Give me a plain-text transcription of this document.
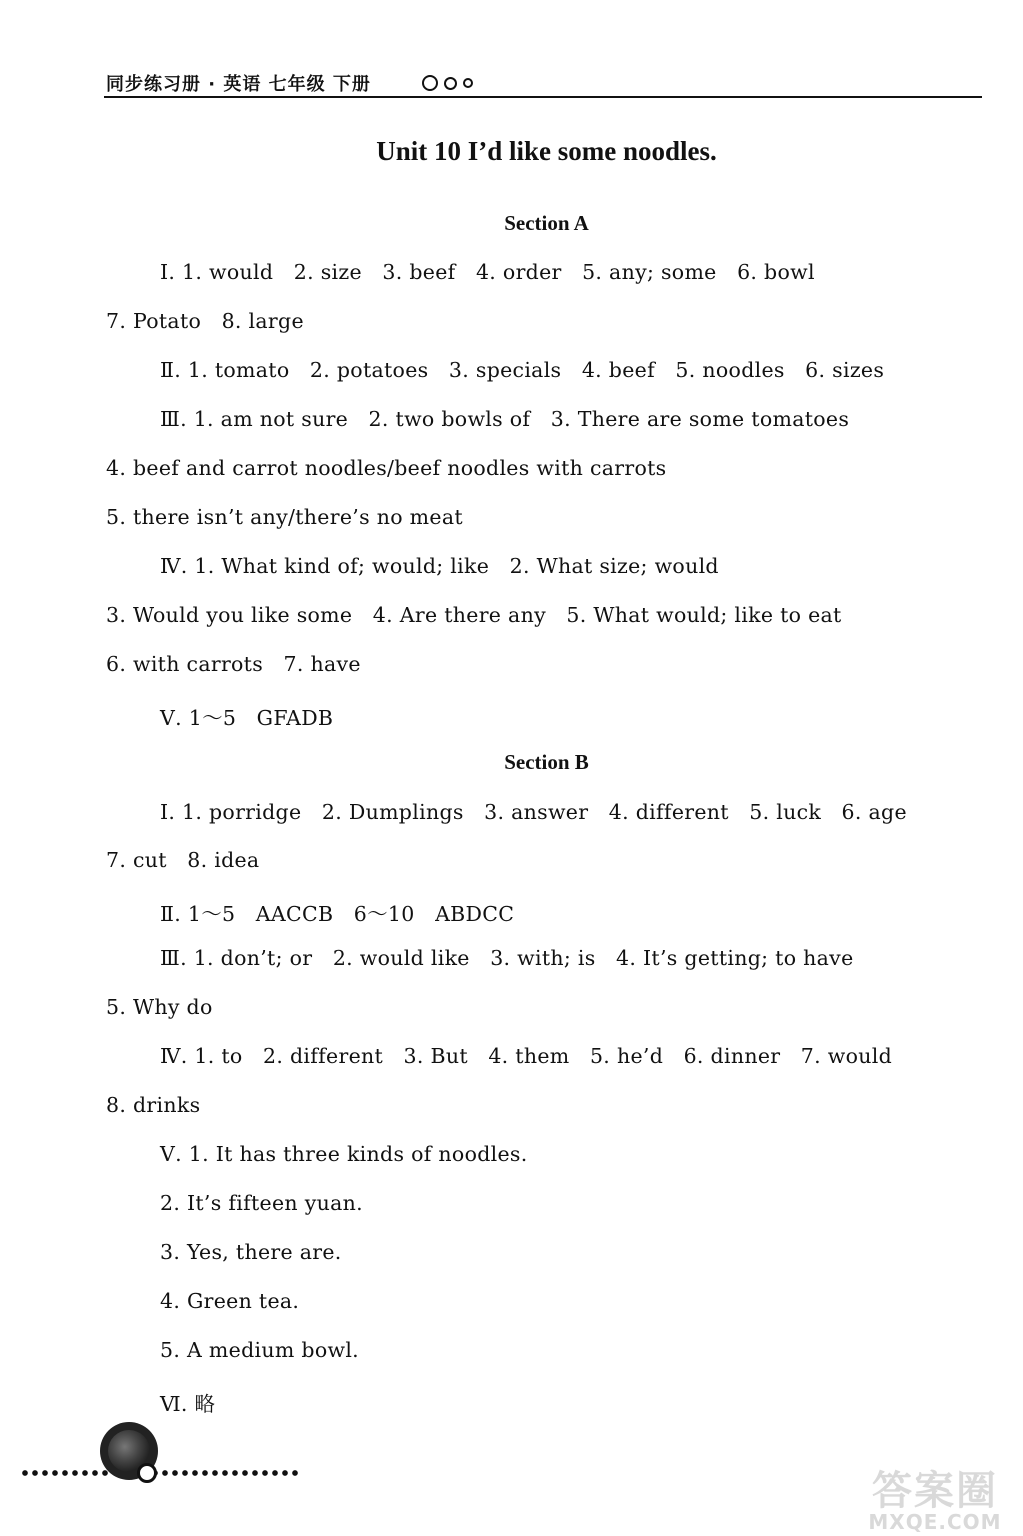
同步练习册 · 英语 七年级 下册
Unit 10 I’d like some noodles.
Section A
Ⅰ. 1. would   2. size   3. beef   4. order   5. any; some   6. bowl
7. Potato   8. large
Ⅱ. 1. tomato   2. potatoes   3. specials   4. beef   5. noodles   6. sizes
Ⅲ. 1. am not sure   2. two bowls of   3. There are some tomatoes
4. beef and carrot noodles/beef noodles with carrots
5. there isn’t any/there’s no meat
Ⅳ. 1. What kind of; would; like   2. What size; would
3. Would you like some   4. Are there any   5. What would; like to eat
6. with carrots   7. have
Ⅴ. 1～5   GFADB
Section B
Ⅰ. 1. porridge   2. Dumplings   3. answer   4. different   5. luck   6. age
7. cut   8. idea
Ⅱ. 1～5   AACCB   6～10   ABDCC
Ⅲ. 1. don’t; or   2. would like   3. with; is   4. It’s getting; to have
5. Why do
Ⅳ. 1. to   2. different   3. But   4. them   5. he’d   6. dinner   7. would
8. drinks
Ⅴ. 1. It has three kinds of noodles.
2. It’s fifteen yuan.
3. Yes, there are.
4. Green tea.
5. A medium bowl.
Ⅵ. 略
答案圈
MXQE.COM
